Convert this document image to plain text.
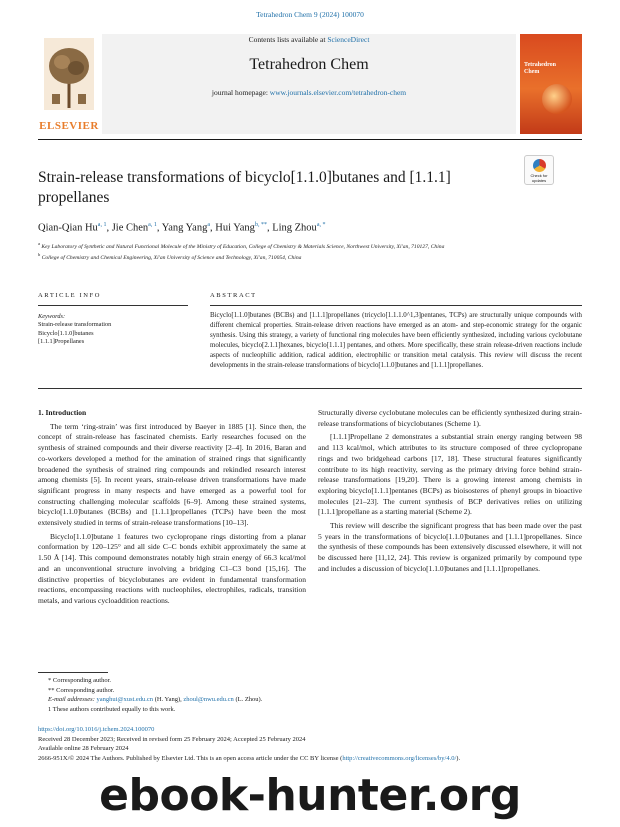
Tetrahedron Chem 9 (2024) 100070
ELSEVIER
Contents lists available at ScienceDirect
Tetrahedron Chem
journal homepage: www.journals.elsevier.com/tetrahedron-chem
Tetrahedron
Chem
Strain-release transformations of bicyclo[1.1.0]butanes and [1.1.1] propellanes
Check for updates
Qian-Qian Hu$^{a, 1}$, Jie Chen$^{a, 1}$, Yang Yang$^a$, Hui Yang$^{b, **}$, Ling Zhou$^{a, *}$
$^a$ Key Laboratory of Synthetic and Natural Functional Molecule of the Ministry of Education, College of Chemistry & Materials Science, Northwest University, Xi'an, 710127, China
$^b$ College of Chemistry and Chemical Engineering, Xi'an University of Science and Technology, Xi'an, 710054, China
ARTICLE INFO	ABSTRACT
Keywords:
Strain-release transformation
Bicyclo[1.1.0]butanes
[1.1.1]Propellanes
Bicyclo[1.1.0]butanes (BCBs) and [1.1.1]propellanes (tricyclo[1.1.1.0^1,3]pentanes, TCPs) are structurally unique compounds with different chemical properties. Strain-release driven reactions have emerged as an atom- and step-economic strategy for the organic synthesis. Using this strategy, a variety of functional ring molecules have been efficiently synthesized, including various cyclobutane molecules, bicyclo[2.1.1]hexanes, bicyclo[1.1.1] pentanes, and others. More specifically, these strain release-driven reactions include aspects of nucleophilic addition, radical addition, electrophilic or transition metal catalysis. This review will discuss the recent developments in the strain-release transformations of bicyclo[1.1.0]butanes and [1.1.1]propellanes.

1. Introduction

The term ‘ring-strain’ was first introduced by Baeyer in 1885 [1]. Since then, the concept of strain-release has fascinated chemists. Early researches focused on the synthesis of strained compounds and their diverse reactivity [2–4]. In 2016, Baran and co-workers developed a method for the amination of strained rings that significantly broadened the synthesis of strained ring compounds and rekindled research interest among chemists [5]. In recent years, strain-release driven transformations have made significant progress in many respects and have emerged as a powerful tool for constructing challenging molecular scaffolds [6–9]. Among these strained systems, bicyclo[1.1.0]butanes (BCBs) and [1.1.1]propellanes (TCPs) have been the most extensively studied in terms of strain-release transformations [10–13].

Bicyclo[1.1.0]butane 1 features two cyclopropane rings distorting from a planar conformation by 120–125° and all side C–C bonds exhibit approximately the same at 1.50 Å [14]. This compound demonstrates notably high strain energy of 66.3 kcal/mol and an unconventional structure involving a bridging C1–C3 bond [15,16]. The distinctive properties of bicyclobutanes are evident in fundamental transformation reactions, encompassing reactions with nucleophiles, electrophiles, radicals, transition metals, and various cycloaddition reactions.

Structurally diverse cyclobutane molecules can be efficiently synthesized during strain-release transformations of bicyclobutanes (Scheme 1).

[1.1.1]Propellane 2 demonstrates a substantial strain energy ranging between 98 and 113 kcal/mol, which attributes to its structure composed of three cyclopropane rings and two bridgehead carbons [17, 18]. These structural features significantly contribute to its high reactivity, serving as the primary driving force behind strain-release transformations [19,20]. There is a growing interest among chemists in exploring bicyclo[1.1.1]pentanes (BCPs) as bioisosteres of phenyl groups in bioactive molecules [21–23]. The current synthesis of BCP derivatives relies on utilizing [1.1.1]propellane as a starting material (Scheme 2).

This review will describe the significant progress that has been made over the past 5 years in the transformations of bicyclo[1.1.0]butanes and [1.1.1]propellanes. Since the synthesis of these compounds has been extensively discussed elsewhere, it will not be discussed here [11,12, 24]. This review is organized primarily by compound type and includes a discussion of bicyclo[1.1.0]butanes and [1.1.1]propellanes.

* Corresponding author.
** Corresponding author.
E-mail addresses: yanghui@xust.edu.cn (H. Yang), zhoul@nwu.edu.cn (L. Zhou).
1 These authors contributed equally to this work.
https://doi.org/10.1016/j.tchem.2024.100070
Received 28 December 2023; Received in revised form 25 February 2024; Accepted 25 February 2024
Available online 28 February 2024
2666-951X/© 2024 The Authors. Published by Elsevier Ltd. This is an open access article under the CC BY license (http://creativecommons.org/licenses/by/4.0/).
ebook-hunter.org
